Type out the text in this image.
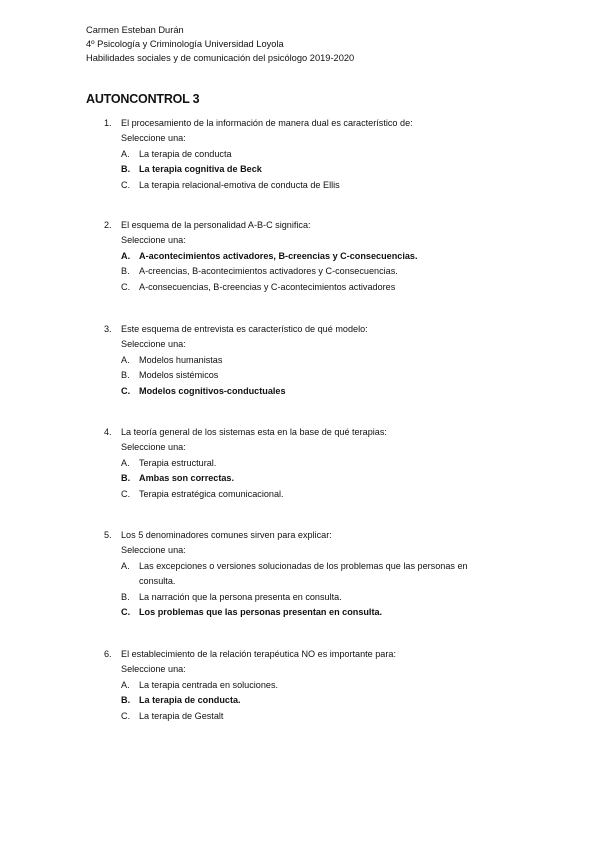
Carmen Esteban Durán
4º Psicología y Criminología Universidad Loyola
Habilidades sociales y de comunicación del psicólogo 2019-2020
AUTONCONTROL 3
1. El procesamiento de la información de manera dual es característico de:
Seleccione una:
A. La terapia de conducta
B. La terapia cognitiva de Beck
C. La terapia relacional-emotiva de conducta de Ellis
2. El esquema de la personalidad A-B-C significa:
Seleccione una:
A. A-acontecimientos activadores, B-creencias y C-consecuencias.
B. A-creencias, B-acontecimientos activadores y C-consecuencias.
C. A-consecuencias, B-creencias y C-acontecimientos activadores
3. Este esquema de entrevista es característico de qué modelo:
Seleccione una:
A. Modelos humanistas
B. Modelos sistémicos
C. Modelos cognitivos-conductuales
4. La teoría general de los sistemas esta en la base de qué terapias:
Seleccione una:
A. Terapia estructural.
B. Ambas son correctas.
C. Terapia estratégica comunicacional.
5. Los 5 denominadores comunes sirven para explicar:
Seleccione una:
A. Las excepciones o versiones solucionadas de los problemas que las personas en
consulta.
B. La narración que la persona presenta en consulta.
C. Los problemas que las personas presentan en consulta.
6. El establecimiento de la relación terapéutica NO es importante para:
Seleccione una:
A. La terapia centrada en soluciones.
B. La terapia de conducta.
C. La terapia de Gestalt
